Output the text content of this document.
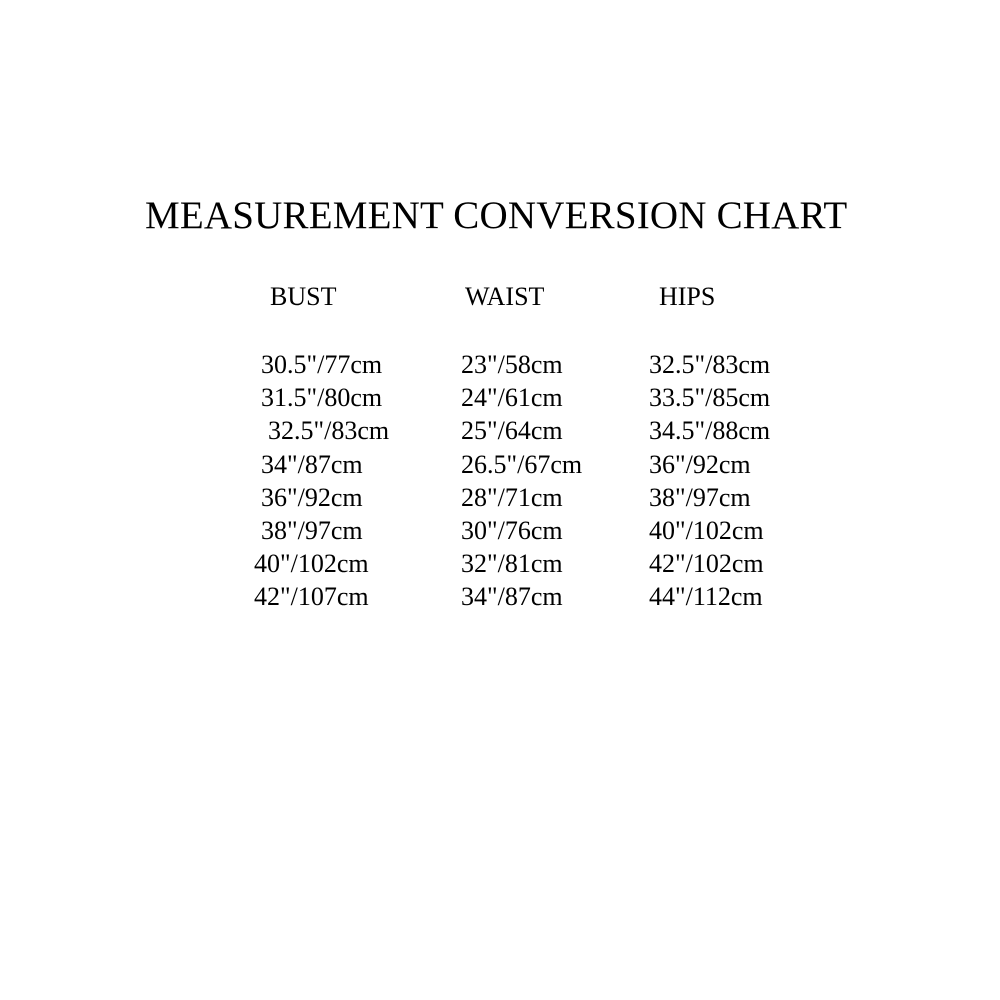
MEASUREMENT CONVERSION CHART
BUST	WAIST	HIPS
30.5"/77cm
31.5"/80cm
32.5"/83cm
34"/87cm
36"/92cm
38"/97cm
40"/102cm
42"/107cm
23"/58cm
24"/61cm
25"/64cm
26.5"/67cm
28"/71cm
30"/76cm
32"/81cm
34"/87cm
32.5"/83cm
33.5"/85cm
34.5"/88cm
36"/92cm
38"/97cm
40"/102cm
42"/102cm
44"/112cm
